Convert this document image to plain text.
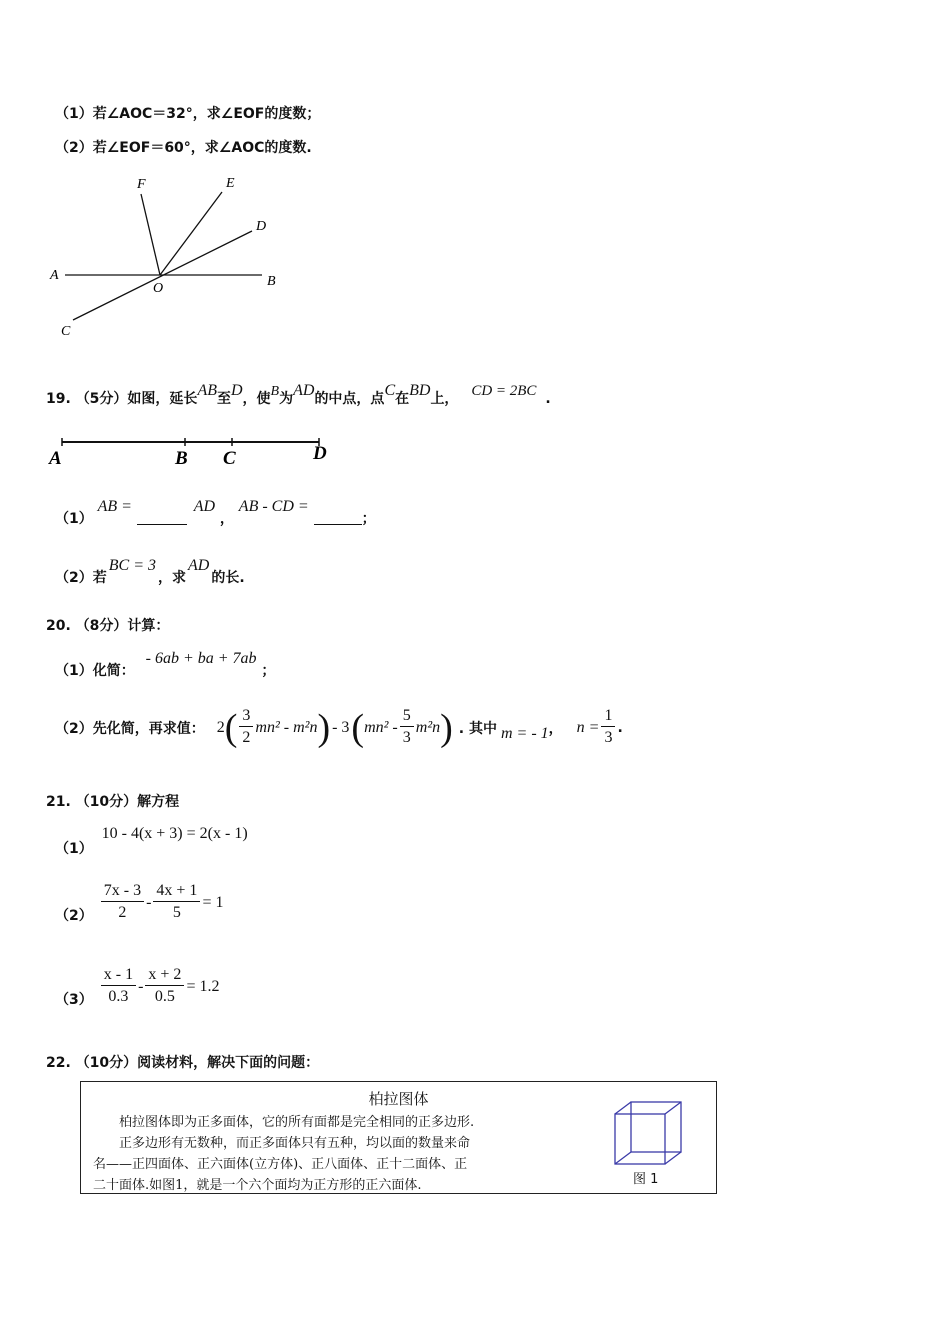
（1）若∠AOC＝32°，求∠EOF的度数；
（2）若∠EOF＝60°，求∠AOC的度数.
F	E
D
A
O	B
C
19. （5分）如图，延长AB至D，使B为AD的中点，点C在BD上， CD = 2BC .
A	B C	D
（1） AB =	AD ， AB - CD = ；
（2）若BC = 3，求AD的长.
20. （8分）计算：
（1）化简： - 6ab + ba + 7ab ；
（2）先化简，再求值： 2 ( $\frac{3}{2} mn^2 - m^2n$ ) - 3 ( $mn^2 - \frac{5}{3} m^2n$ ) . 其中 m = - 1 ， $n = \frac{1}{3}$ .
21. （10分）解方程
（1） 10 - 4(x + 3) = 2(x - 1)
$(2) \frac{7x - 3}{2} - \frac{4x + 1}{5} = 1$
$(3) \frac{x - 1}{0.3} - \frac{x + 2}{0.5} = 1.2$
22. （10分）阅读材料，解决下面的问题：
柏拉图体

　　柏拉图体即为正多面体，它的所有面都是完全相同的正多边形.

　　正多边形有无数种，而正多面体只有五种，均以面的数量来命

名——正四面体、正六面体(立方体)、正八面体、正十二面体、正

二十面体.如图1，就是一个六个面均为正方形的正六面体.	图 1
